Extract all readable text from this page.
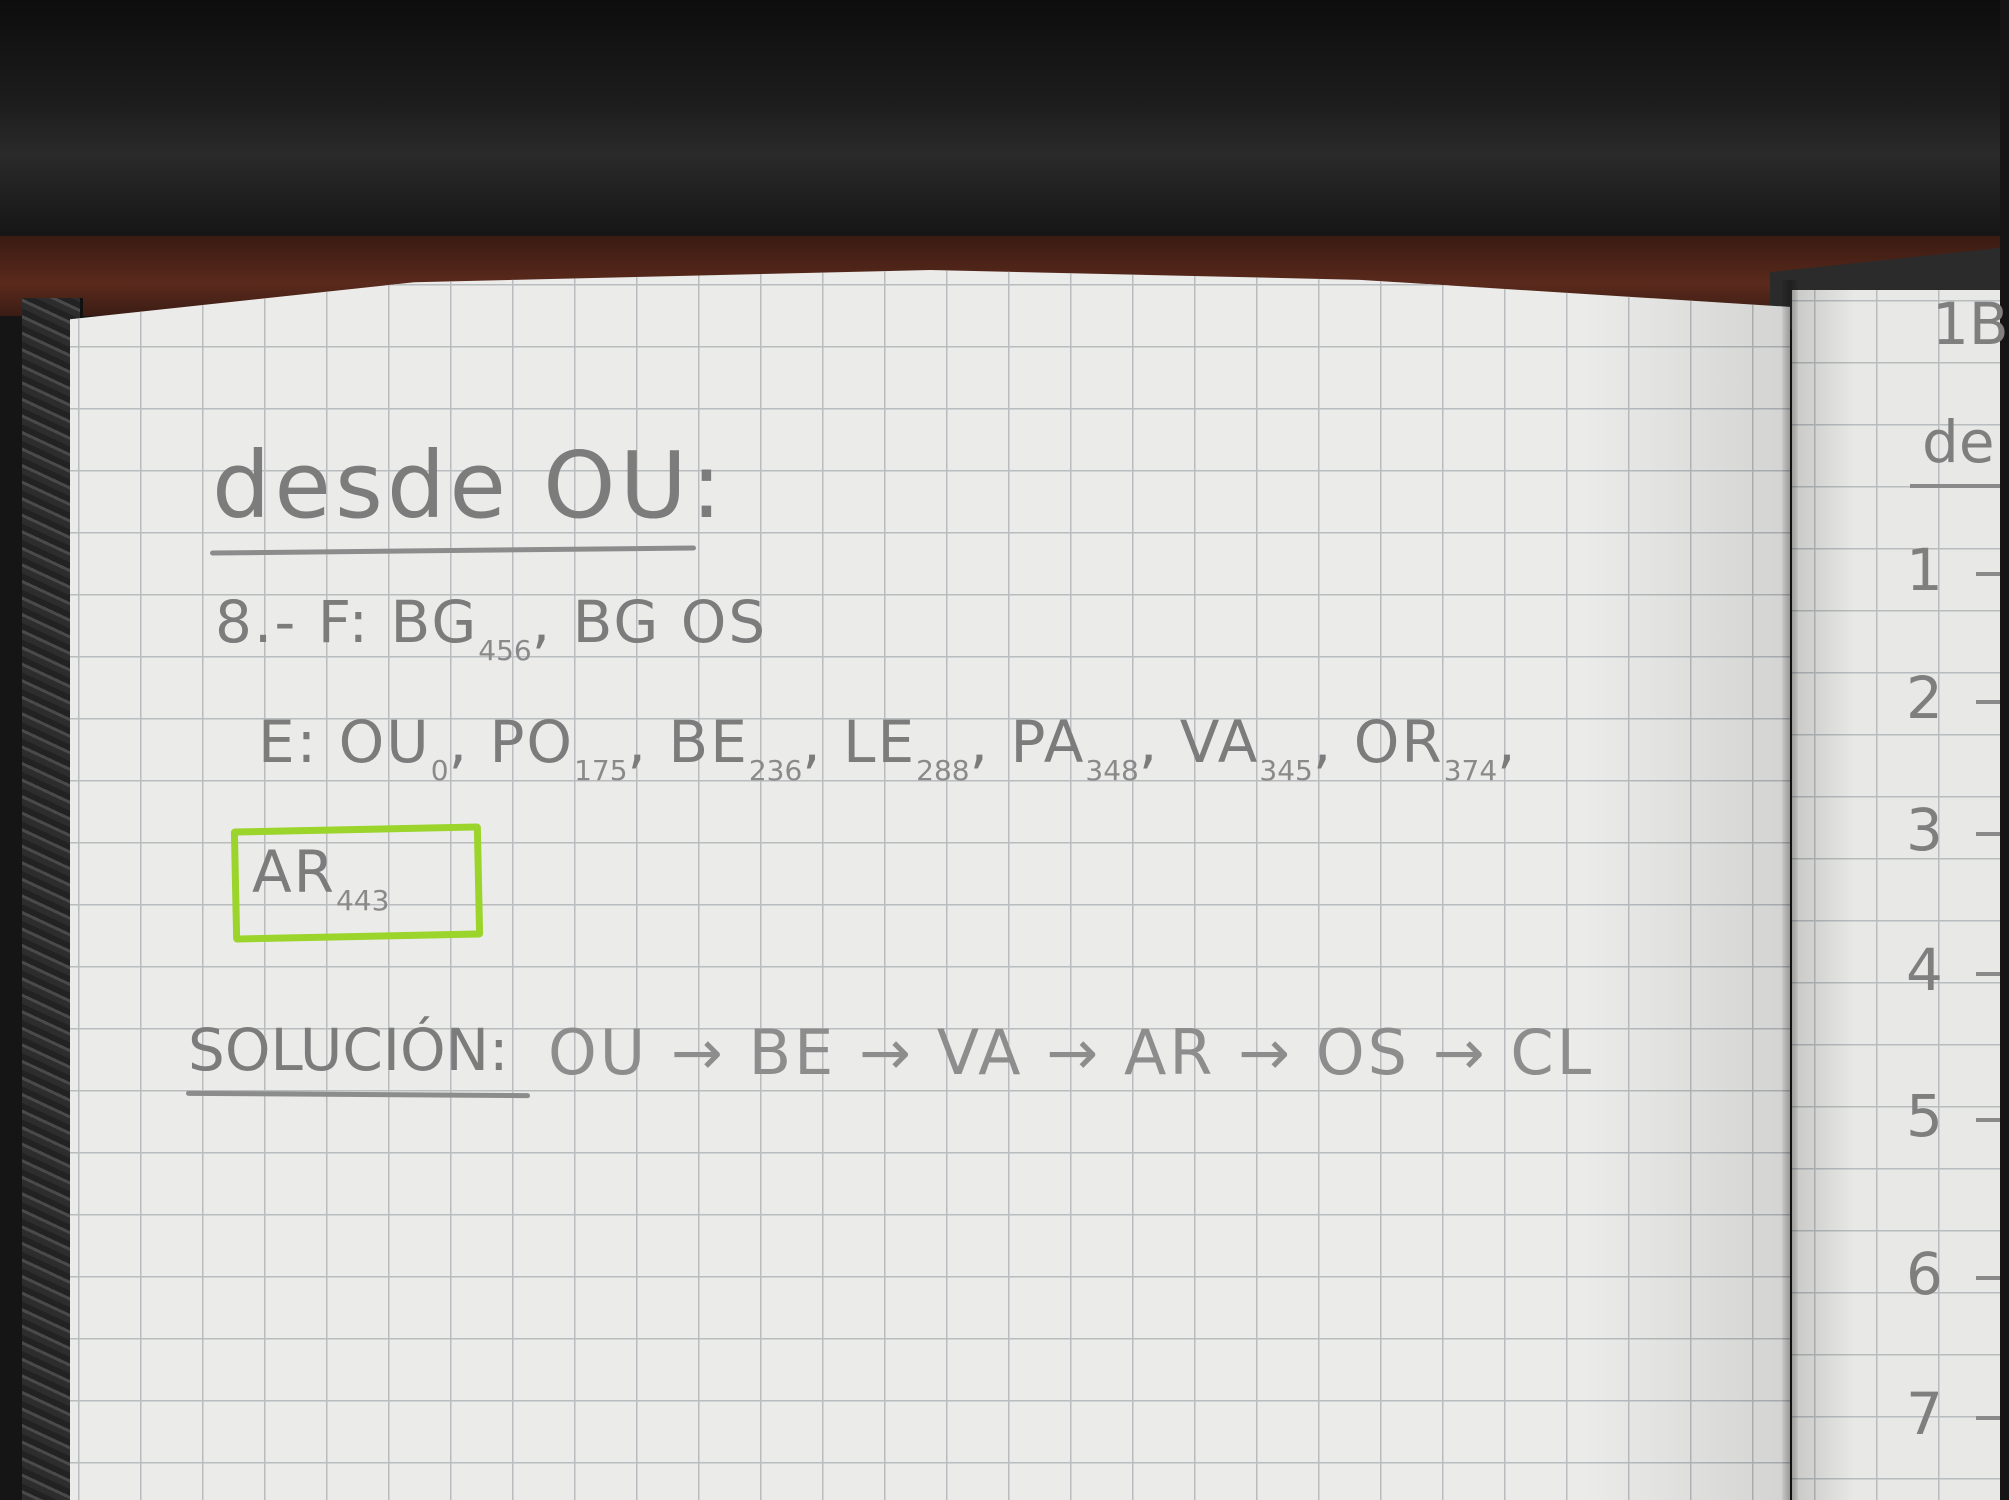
desde OU:
8.- F: $BG_{456}$, BG OS
E: $OU_0$, $PO_{175}$, $BE_{236}$, $LE_{288}$, $PA_{348}$, $VA_{345}$, $OR_{374}$,
$AR_{443}$
SOLUCIÓN: OU → BE → VA → AR → OS → CL
1B
de
1
2
3
4
5
6
7
